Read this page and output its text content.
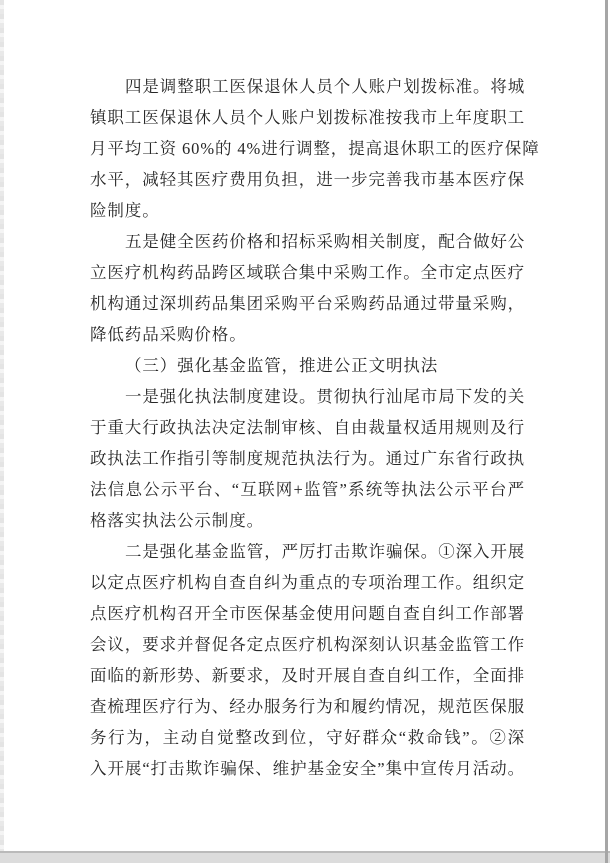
四是调整职工医保退休人员个人账户划拨标准。将城
镇职工医保退休人员个人账户划拨标准按我市上年度职工
月平均工资 60%的 4%进行调整，提高退休职工的医疗保障
水平，减轻其医疗费用负担，进一步完善我市基本医疗保
险制度。
五是健全医药价格和招标采购相关制度，配合做好公
立医疗机构药品跨区域联合集中采购工作。全市定点医疗
机构通过深圳药品集团采购平台采购药品通过带量采购，
降低药品采购价格。
（三）强化基金监管，推进公正文明执法
一是强化执法制度建设。贯彻执行汕尾市局下发的关
于重大行政执法决定法制审核、自由裁量权适用规则及行
政执法工作指引等制度规范执法行为。通过广东省行政执
法信息公示平台、“互联网+监管”系统等执法公示平台严
格落实执法公示制度。
二是强化基金监管，严厉打击欺诈骗保。①深入开展
以定点医疗机构自查自纠为重点的专项治理工作。组织定
点医疗机构召开全市医保基金使用问题自查自纠工作部署
会议，要求并督促各定点医疗机构深刻认识基金监管工作
面临的新形势、新要求，及时开展自查自纠工作，全面排
查梳理医疗行为、经办服务行为和履约情况，规范医保服
务行为，主动自觉整改到位，守好群众“救命钱”。②深
入开展“打击欺诈骗保、维护基金安全”集中宣传月活动。
